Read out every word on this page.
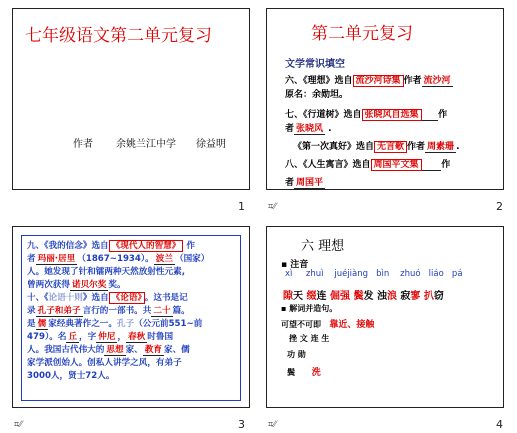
七年级语文第二单元复习
作者 余姚兰江中学 徐益明
1
第二单元复习
文学常识填空
六、《理想》选自 流沙河诗集 作者 流沙河
原名：余勋坦。
七、《行道树》选自 张晓风自选集 作
者 张晓风 .
《第一次真好》选自 无言歌 作者 周素珊 .
八、《人生寓言》选自 周国平文集	作
者 周国平
⌗⁄⁄	2
九、《我的信念》选自 《现代人的智慧》 作
者 玛丽·居里 （1867~1934）。 波兰 （国家）
人。她发现了针和镭两种天然放射性元素,
曾两次获得 诺贝尔奖 奖。
十、《论语十则》选自 《论语》 。这书是记
录 孔子和弟子 言行的一部书。共 二十 篇。
是 儒 家经典著作之一。孔子（公元前551~前
479）。名 丘 ，字 仲尼 ， 春秋 时鲁国
人。我国古代伟大的 思想 家、 教育 家、儒
家学派创始人。创私人讲学之风，有弟子
3000人，贤士72人。
⌗⁄⁄	3
六 理想
▪ 注音
xì zhuì juéjiàng bìn zhuó liáo pá
隙天 缀连 倔强 鬓发 浊浪 寂寥 扒窃
▪ 解词并造句。
可望不可即 靠近、接触
挫 文 连 生
功 勋
鬓 洗
⌗⁄⁄	4
